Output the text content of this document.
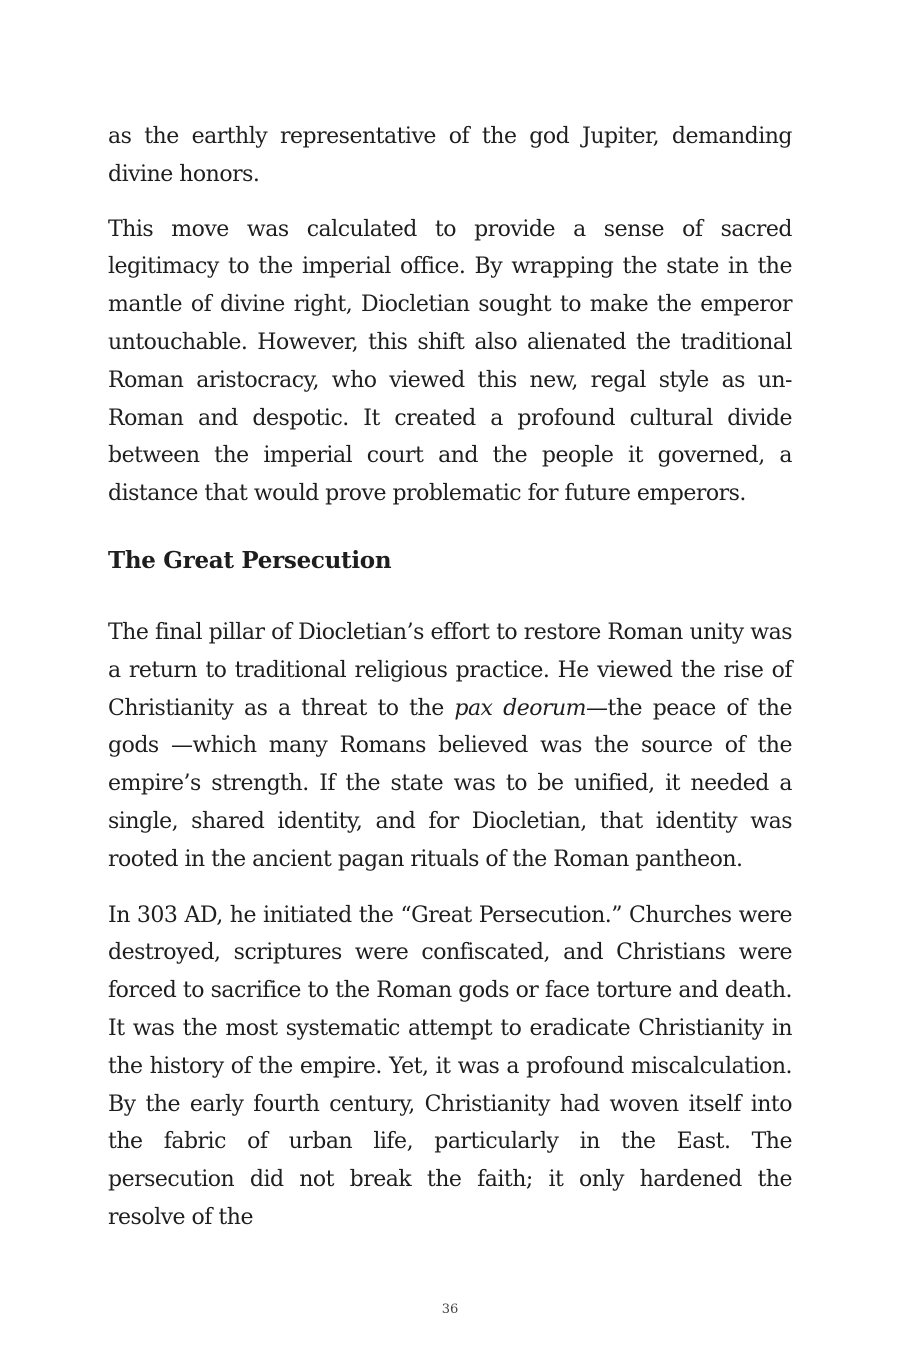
as the earthly representative of the god Jupiter, demanding divine honors.

This move was calculated to provide a sense of sacred legitimacy to the imperial office. By wrapping the state in the mantle of divine right, Diocletian sought to make the emperor untouchable. However, this shift also alienated the traditional Roman aristocracy, who viewed this new, regal style as un-Roman and despotic. It created a profound cultural divide between the imperial court and the people it governed, a distance that would prove problematic for future emperors.

The Great Persecution

The final pillar of Diocletian’s effort to restore Roman unity was a return to traditional religious practice. He viewed the rise of Christianity as a threat to the pax deorum—the peace of the gods —which many Romans believed was the source of the empire’s strength. If the state was to be unified, it needed a single, shared identity, and for Diocletian, that identity was rooted in the ancient pagan rituals of the Roman pantheon.

In 303 AD, he initiated the “Great Persecution.” Churches were destroyed, scriptures were confiscated, and Christians were forced to sacrifice to the Roman gods or face torture and death. It was the most systematic attempt to eradicate Christianity in the history of the empire. Yet, it was a profound miscalculation. By the early fourth century, Christianity had woven itself into the fabric of urban life, particularly in the East. The persecution did not break the faith; it only hardened the resolve of the

36
